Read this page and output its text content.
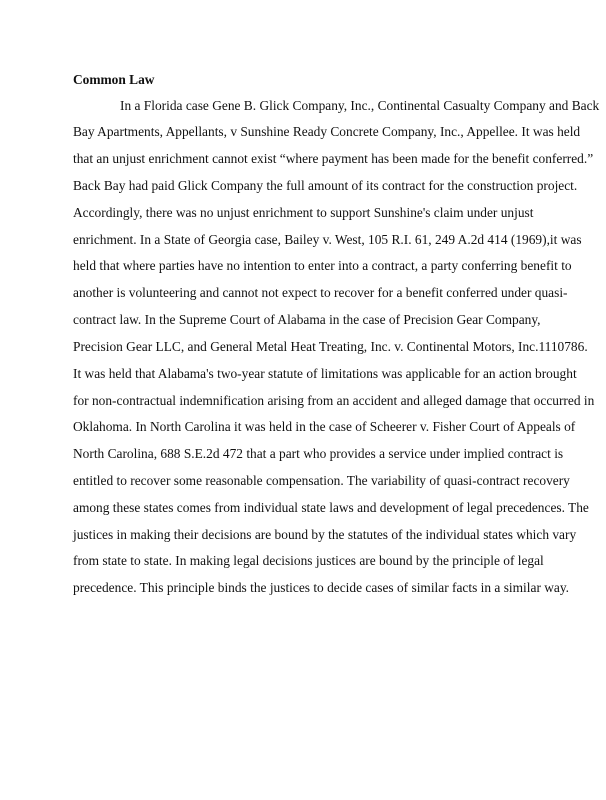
Common Law
In a Florida case Gene B. Glick Company, Inc., Continental Casualty Company and Back
Bay Apartments, Appellants, v Sunshine Ready Concrete Company, Inc., Appellee. It was held
that an unjust enrichment cannot exist “where payment has been made for the benefit conferred.”
Back Bay had paid Glick Company the full amount of its contract for the construction project.
Accordingly, there was no unjust enrichment to support Sunshine's claim under unjust
enrichment. In a State of Georgia case, Bailey v. West, 105 R.I. 61, 249 A.2d 414 (1969),it was
held that where parties have no intention to enter into a contract, a party conferring benefit to
another is volunteering and cannot not expect to recover for a benefit conferred under quasi-
contract law. In the Supreme Court of Alabama in the case of Precision Gear Company,
Precision Gear LLC, and General Metal Heat Treating, Inc. v. Continental Motors, Inc.1110786.
It was held that Alabama's two-year statute of limitations was applicable for an action brought
for non-contractual indemnification arising from an accident and alleged damage that occurred in
Oklahoma. In North Carolina it was held in the case of Scheerer v. Fisher Court of Appeals of
North Carolina, 688 S.E.2d 472 that a part who provides a service under implied contract is
entitled to recover some reasonable compensation. The variability of quasi-contract recovery
among these states comes from individual state laws and development of legal precedences. The
justices in making their decisions are bound by the statutes of the individual states which vary
from state to state. In making legal decisions justices are bound by the principle of legal
precedence. This principle binds the justices to decide cases of similar facts in a similar way.
